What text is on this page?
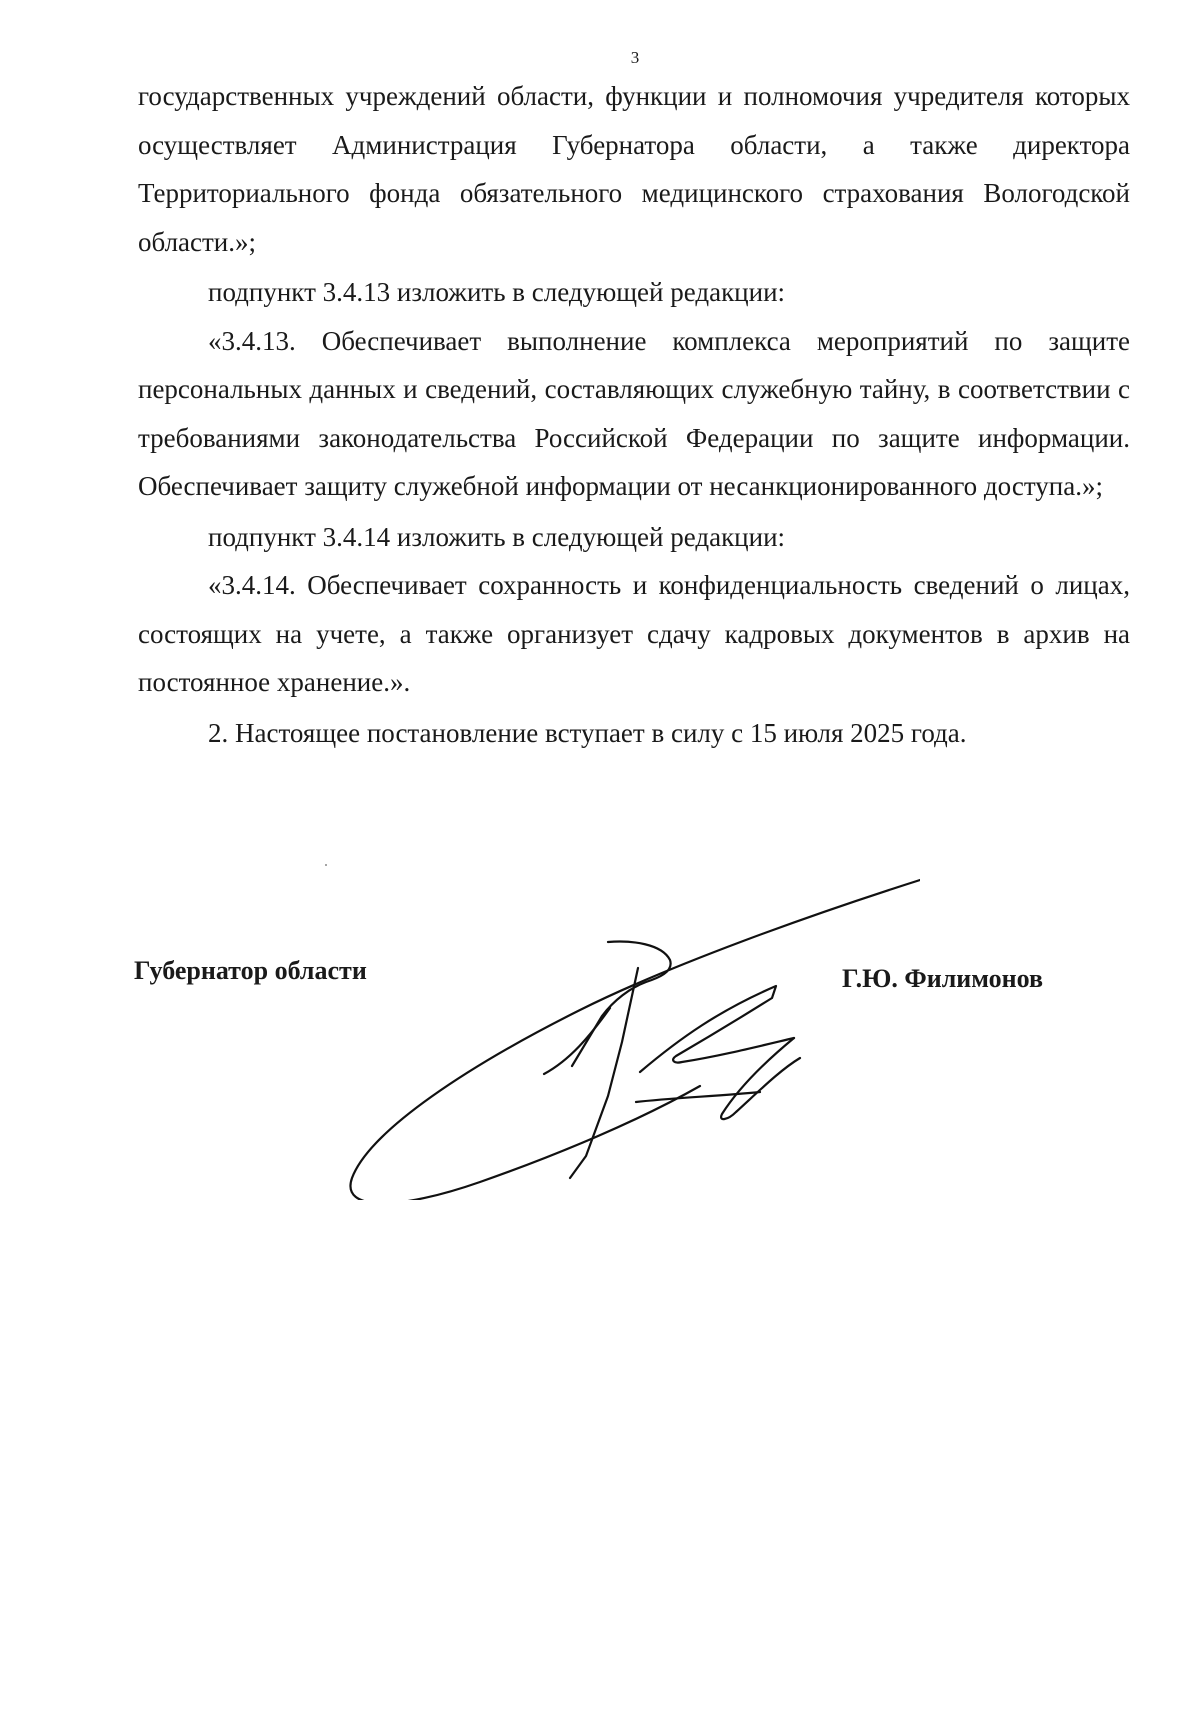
3

государственных учреждений области, функции и полномочия учредителя которых осуществляет Администрация Губернатора области, а также директора Территориального фонда обязательного медицинского страхования Вологодской области.»;

подпункт 3.4.13 изложить в следующей редакции:

«3.4.13. Обеспечивает выполнение комплекса мероприятий по защите персональных данных и сведений, составляющих служебную тайну, в соответствии с требованиями законодательства Российской Федерации по защите информации. Обеспечивает защиту служебной информации от несанкционированного доступа.»;

подпункт 3.4.14 изложить в следующей редакции:

«3.4.14. Обеспечивает сохранность и конфиденциальность сведений о лицах, состоящих на учете, а также организует сдачу кадровых документов в архив на постоянное хранение.».

2. Настоящее постановление вступает в силу с 15 июля 2025 года.

Губернатор области	Г.Ю. Филимонов
